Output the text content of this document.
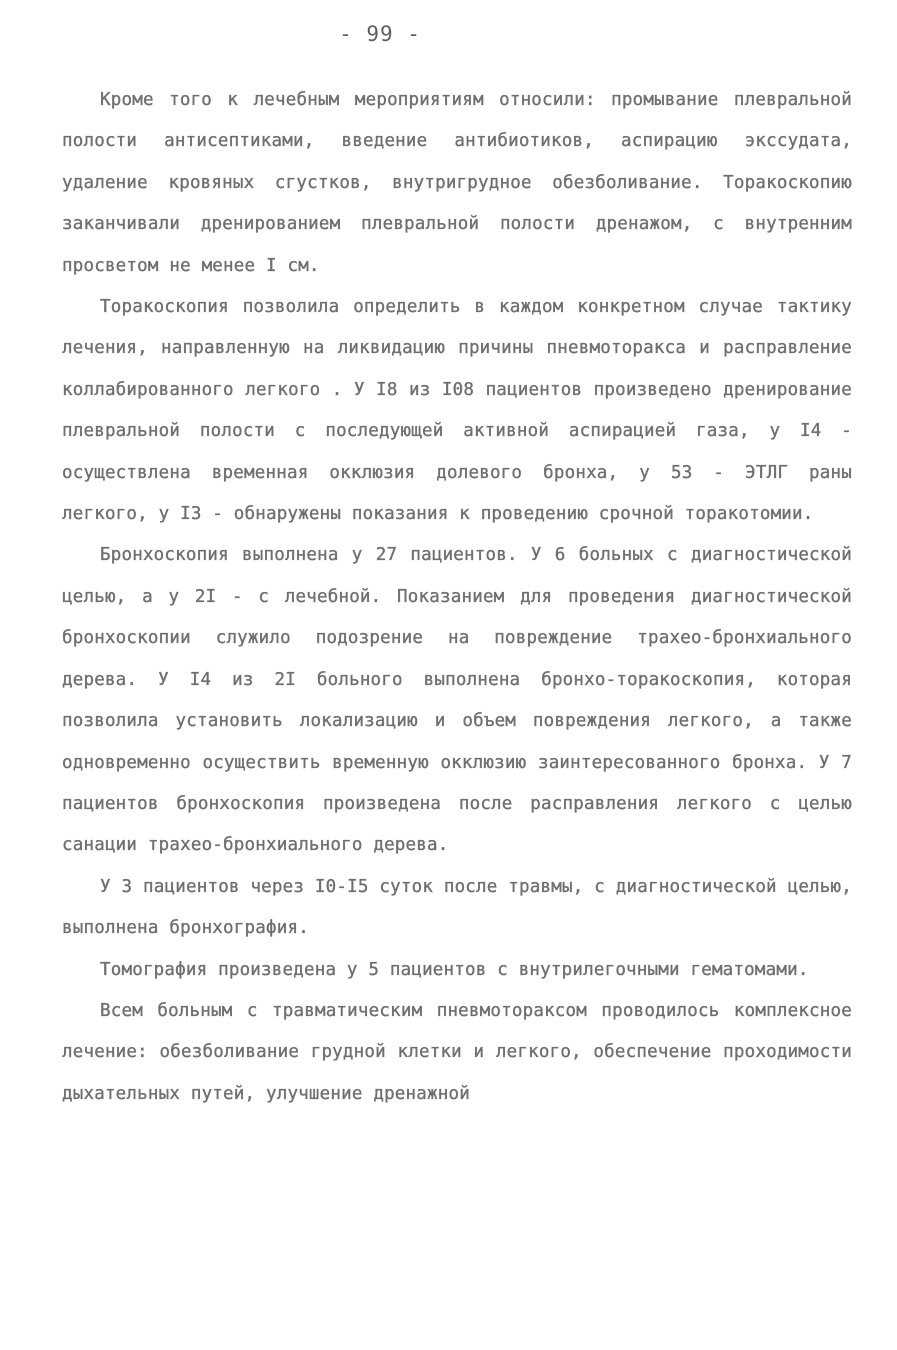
- 99 -

Кроме того к лечебным мероприятиям относили: промывание плевральной полости антисептиками, введение антибиотиков, аспирацию экссудата, удаление кровяных сгустков, внутригрудное обезболивание. Торакоскопию заканчивали дренированием плевральной полости дренажом, с внутренним просветом не менее I см.

Торакоскопия позволила определить в каждом конкретном случае тактику лечения, направленную на ликвидацию причины пневмоторакса и расправление коллабированного легкого . У I8 из I08 пациентов произведено дренирование плевральной полости с последующей активной аспирацией газа, у I4 - осуществлена временная окклюзия долевого бронха, у 53 - ЭТЛГ раны легкого, у I3 - обнаружены показания к проведению срочной торакотомии.

Бронхоскопия выполнена у 27 пациентов. У 6 больных с диагностической целью, а у 2I - с лечебной. Показанием для проведения диагностической бронхоскопии служило подозрение на повреждение трахео-бронхиального дерева. У I4 из 2I больного выполнена бронхо-торакоскопия, которая позволила установить локализацию и объем повреждения легкого, а также одновременно осуществить временную окклюзию заинтересованного бронха. У 7 пациентов бронхоскопия произведена после расправления легкого с целью санации трахео-бронхиального дерева.

У 3 пациентов через I0-I5 суток после травмы, с диагностической целью, выполнена бронхография.

Томография произведена у 5 пациентов с внутрилегочными гематомами.

Всем больным с травматическим пневмотораксом проводилось комплексное лечение: обезболивание грудной клетки и легкого, обеспечение проходимости дыхательных путей, улучшение дренажной
